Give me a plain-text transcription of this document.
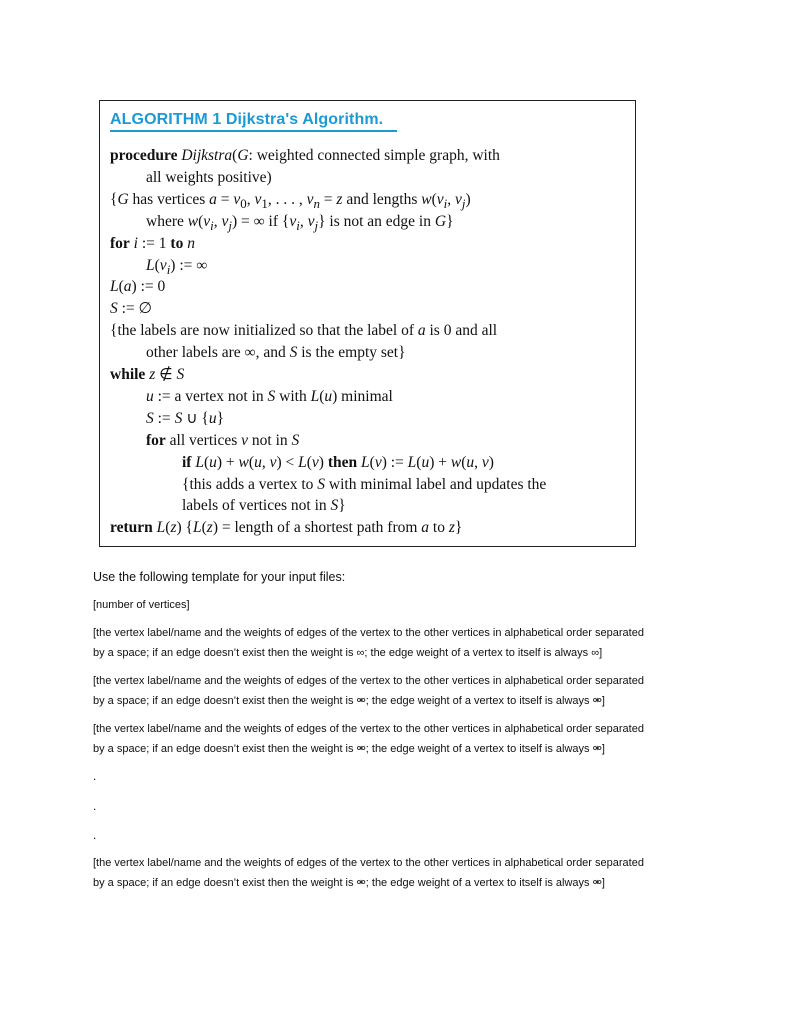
ALGORITHM 1 Dijkstra's Algorithm.
procedure Dijkstra(G: weighted connected simple graph, with
all weights positive)
{G has vertices $a = v_0$, $v_1$, . . . , $v_n = z$ and lengths $w(v_i$, $v_j$)
where $w(v_i$, $v_j$) = ∞ if {$v_i$, $v_j$} is not an edge in G}
for i := 1 to n
$L(v_i)$ := ∞
L(a) := 0
S := ∅
{the labels are now initialized so that the label of a is 0 and all
other labels are ∞, and S is the empty set}
while z ∉ S
u := a vertex not in S with L(u) minimal
S := S ∪ {u}
for all vertices v not in S
if L(u) + w(u, v) < L(v) then L(v) := L(u) + w(u, v)
{this adds a vertex to S with minimal label and updates the
labels of vertices not in S}
return L(z) {L(z) = length of a shortest path from a to z}
Use the following template for your input files:
[number of vertices]
[the vertex label/name and the weights of edges of the vertex to the other vertices in alphabetical order separated
by a space; if an edge doesn’t exist then the weight is ∞; the edge weight of a vertex to itself is always ∞]
[the vertex label/name and the weights of edges of the vertex to the other vertices in alphabetical order separated
by a space; if an edge doesn’t exist then the weight is ⚮; the edge weight of a vertex to itself is always ⚮]
[the vertex label/name and the weights of edges of the vertex to the other vertices in alphabetical order separated
by a space; if an edge doesn’t exist then the weight is ⚮; the edge weight of a vertex to itself is always ⚮]
.
.
.
[the vertex label/name and the weights of edges of the vertex to the other vertices in alphabetical order separated
by a space; if an edge doesn’t exist then the weight is ⚮; the edge weight of a vertex to itself is always ⚮]
